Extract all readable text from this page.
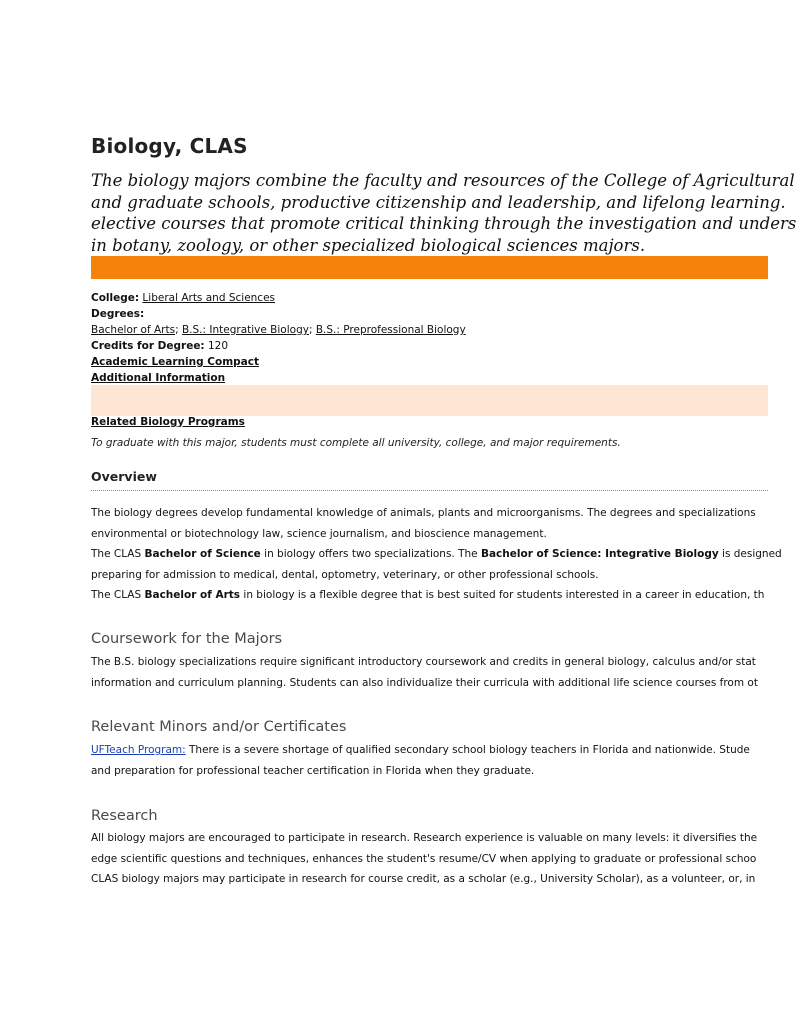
Biology, CLAS
The biology majors combine the faculty and resources of the College of Agricultural
and graduate schools, productive citizenship and leadership, and lifelong learning.
elective courses that promote critical thinking through the investigation and unders
in botany, zoology, or other specialized biological sciences majors.
College: Liberal Arts and Sciences
Degrees:
Bachelor of Arts; B.S.: Integrative Biology; B.S.: Preprofessional Biology
Credits for Degree: 120
Academic Learning Compact
Additional Information
Related Biology Programs
To graduate with this major, students must complete all university, college, and major requirements.
Overview
The biology degrees develop fundamental knowledge of animals, plants and microorganisms. The degrees and specializations
environmental or biotechnology law, science journalism, and bioscience management.
The CLAS Bachelor of Science in biology offers two specializations. The Bachelor of Science: Integrative Biology is designed
preparing for admission to medical, dental, optometry, veterinary, or other professional schools.
The CLAS Bachelor of Arts in biology is a flexible degree that is best suited for students interested in a career in education, th
Coursework for the Majors
The B.S. biology specializations require significant introductory coursework and credits in general biology, calculus and/or stat
information and curriculum planning. Students can also individualize their curricula with additional life science courses from ot
Relevant Minors and/or Certificates
UFTeach Program: There is a severe shortage of qualified secondary school biology teachers in Florida and nationwide. Stude
and preparation for professional teacher certification in Florida when they graduate.
Research
All biology majors are encouraged to participate in research. Research experience is valuable on many levels: it diversifies the
edge scientific questions and techniques, enhances the student's resume/CV when applying to graduate or professional schoo
CLAS biology majors may participate in research for course credit, as a scholar (e.g., University Scholar), as a volunteer, or, in
